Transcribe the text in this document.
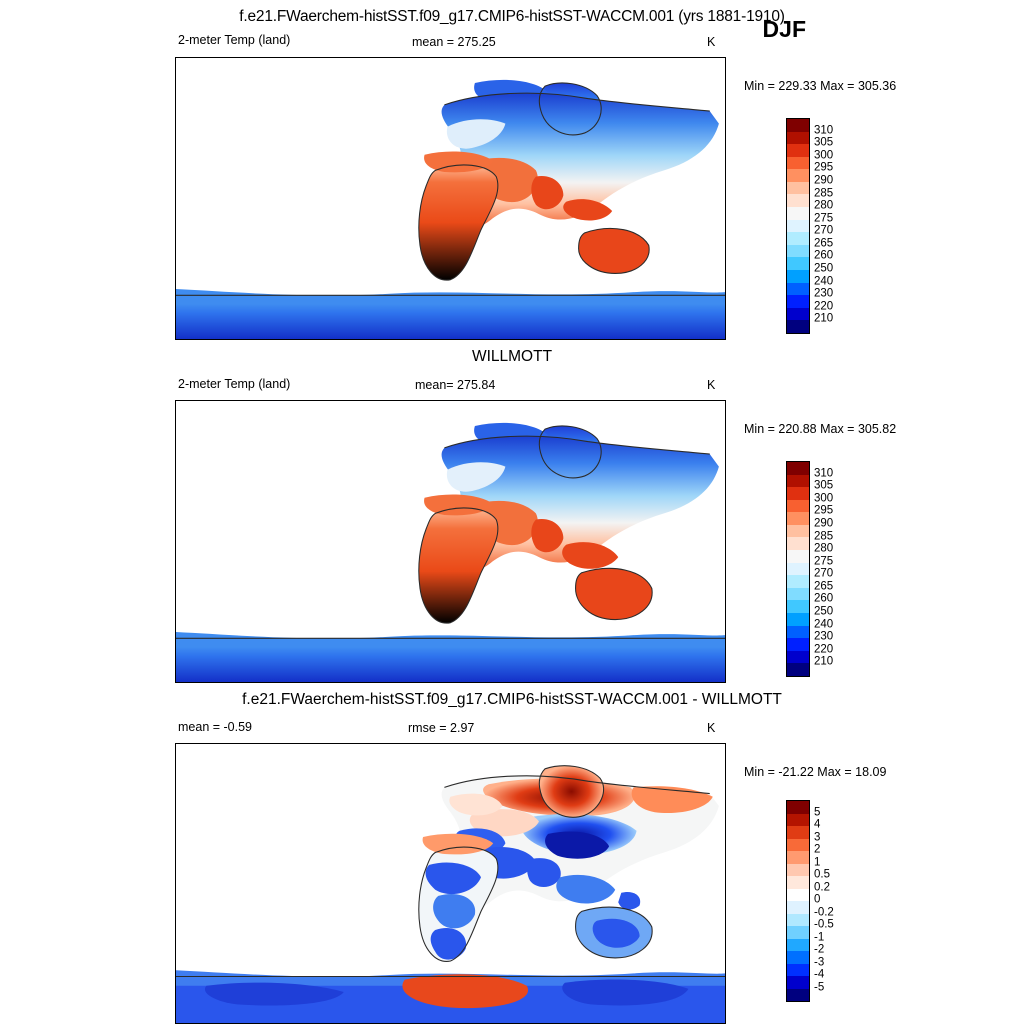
f.e21.FWaerchem-histSST.f09_g17.CMIP6-histSST-WACCM.001 (yrs 1881-1910)
DJF
2-meter Temp (land)	mean = 275.25	K
Min = 229.33 Max = 305.36
310
305
300
295
290
285
280
275
270
265
260
250
240
230
220
210
WILLMOTT
2-meter Temp (land)	mean= 275.84	K
Min = 220.88 Max = 305.82
310
305
300
295
290
285
280
275
270
265
260
250
240
230
220
210
f.e21.FWaerchem-histSST.f09_g17.CMIP6-histSST-WACCM.001 - WILLMOTT
mean = -0.59	rmse = 2.97	K
Min = -21.22 Max = 18.09
5
4
3
2
1
0.5
0.2
0
-0.2
-0.5
-1
-2
-3
-4
-5
